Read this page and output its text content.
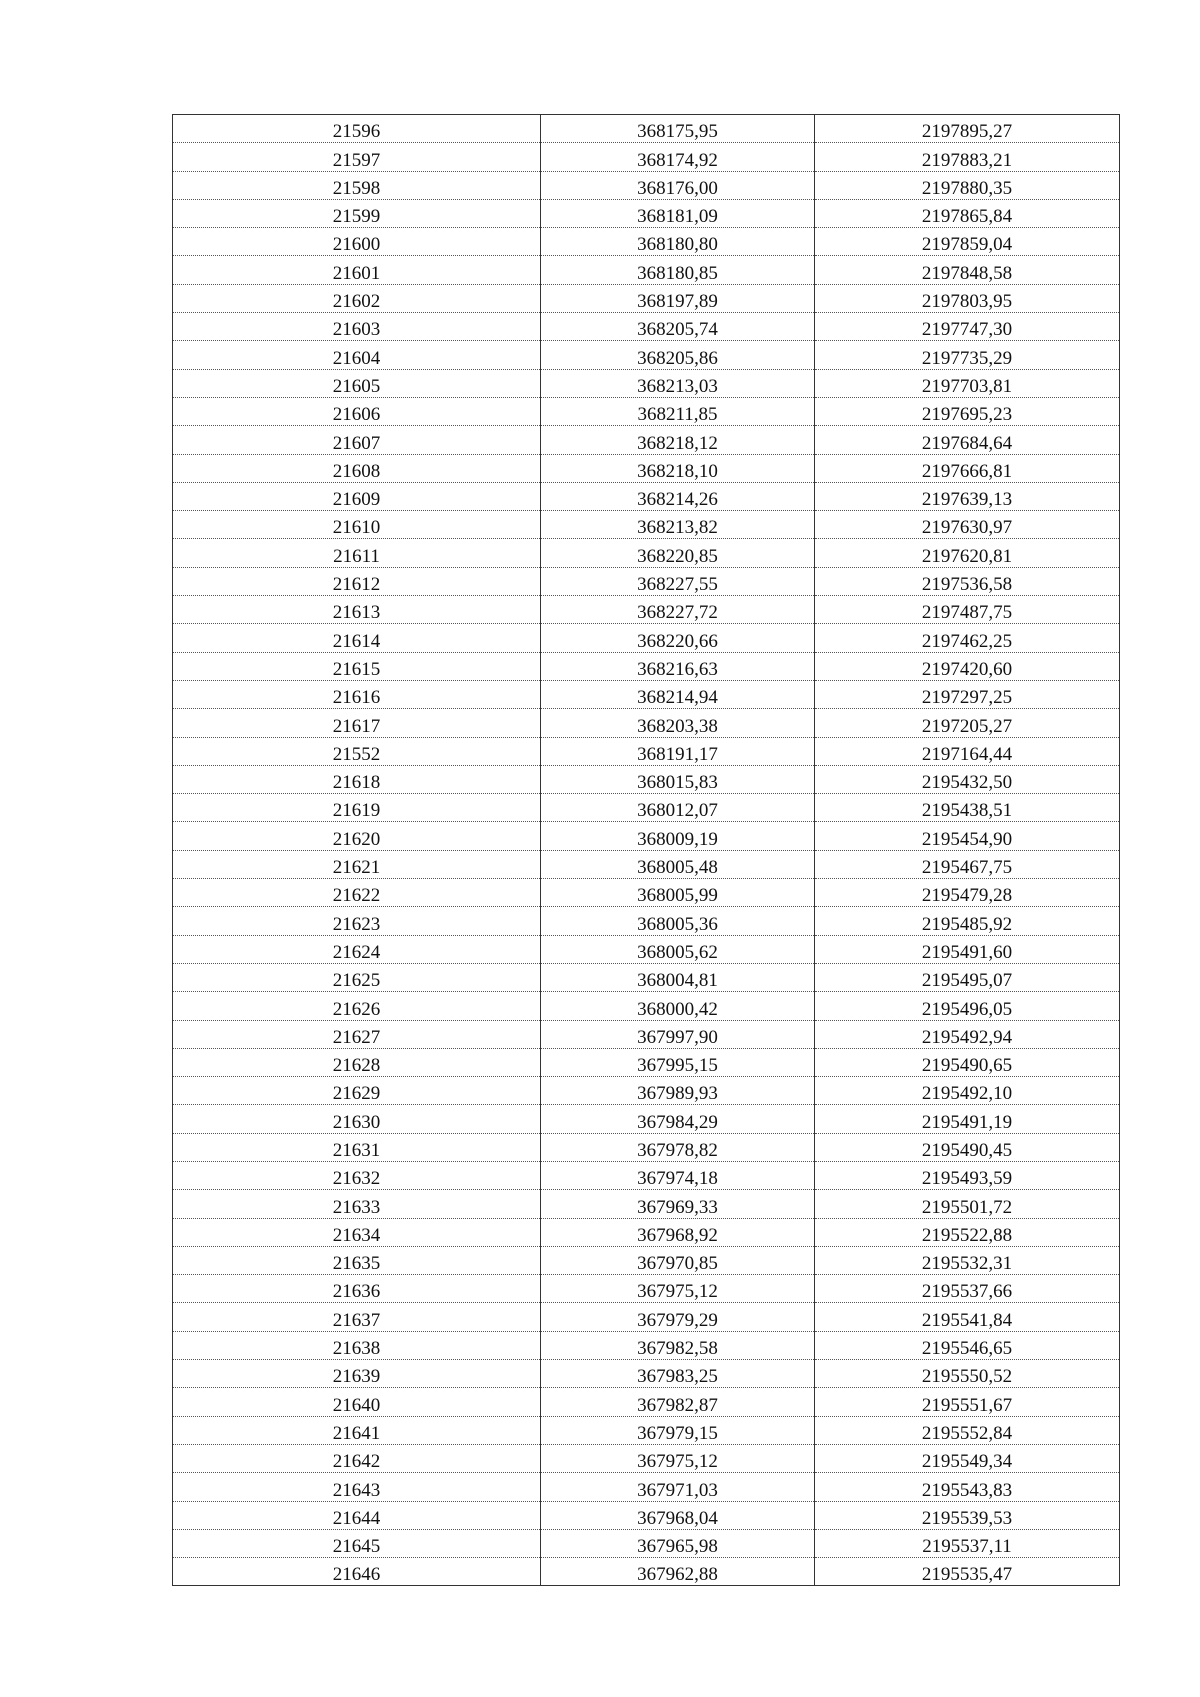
21596	368175,95	2197895,27
21597	368174,92	2197883,21
21598	368176,00	2197880,35
21599	368181,09	2197865,84
21600	368180,80	2197859,04
21601	368180,85	2197848,58
21602	368197,89	2197803,95
21603	368205,74	2197747,30
21604	368205,86	2197735,29
21605	368213,03	2197703,81
21606	368211,85	2197695,23
21607	368218,12	2197684,64
21608	368218,10	2197666,81
21609	368214,26	2197639,13
21610	368213,82	2197630,97
21611	368220,85	2197620,81
21612	368227,55	2197536,58
21613	368227,72	2197487,75
21614	368220,66	2197462,25
21615	368216,63	2197420,60
21616	368214,94	2197297,25
21617	368203,38	2197205,27
21552	368191,17	2197164,44
21618	368015,83	2195432,50
21619	368012,07	2195438,51
21620	368009,19	2195454,90
21621	368005,48	2195467,75
21622	368005,99	2195479,28
21623	368005,36	2195485,92
21624	368005,62	2195491,60
21625	368004,81	2195495,07
21626	368000,42	2195496,05
21627	367997,90	2195492,94
21628	367995,15	2195490,65
21629	367989,93	2195492,10
21630	367984,29	2195491,19
21631	367978,82	2195490,45
21632	367974,18	2195493,59
21633	367969,33	2195501,72
21634	367968,92	2195522,88
21635	367970,85	2195532,31
21636	367975,12	2195537,66
21637	367979,29	2195541,84
21638	367982,58	2195546,65
21639	367983,25	2195550,52
21640	367982,87	2195551,67
21641	367979,15	2195552,84
21642	367975,12	2195549,34
21643	367971,03	2195543,83
21644	367968,04	2195539,53
21645	367965,98	2195537,11
21646	367962,88	2195535,47
